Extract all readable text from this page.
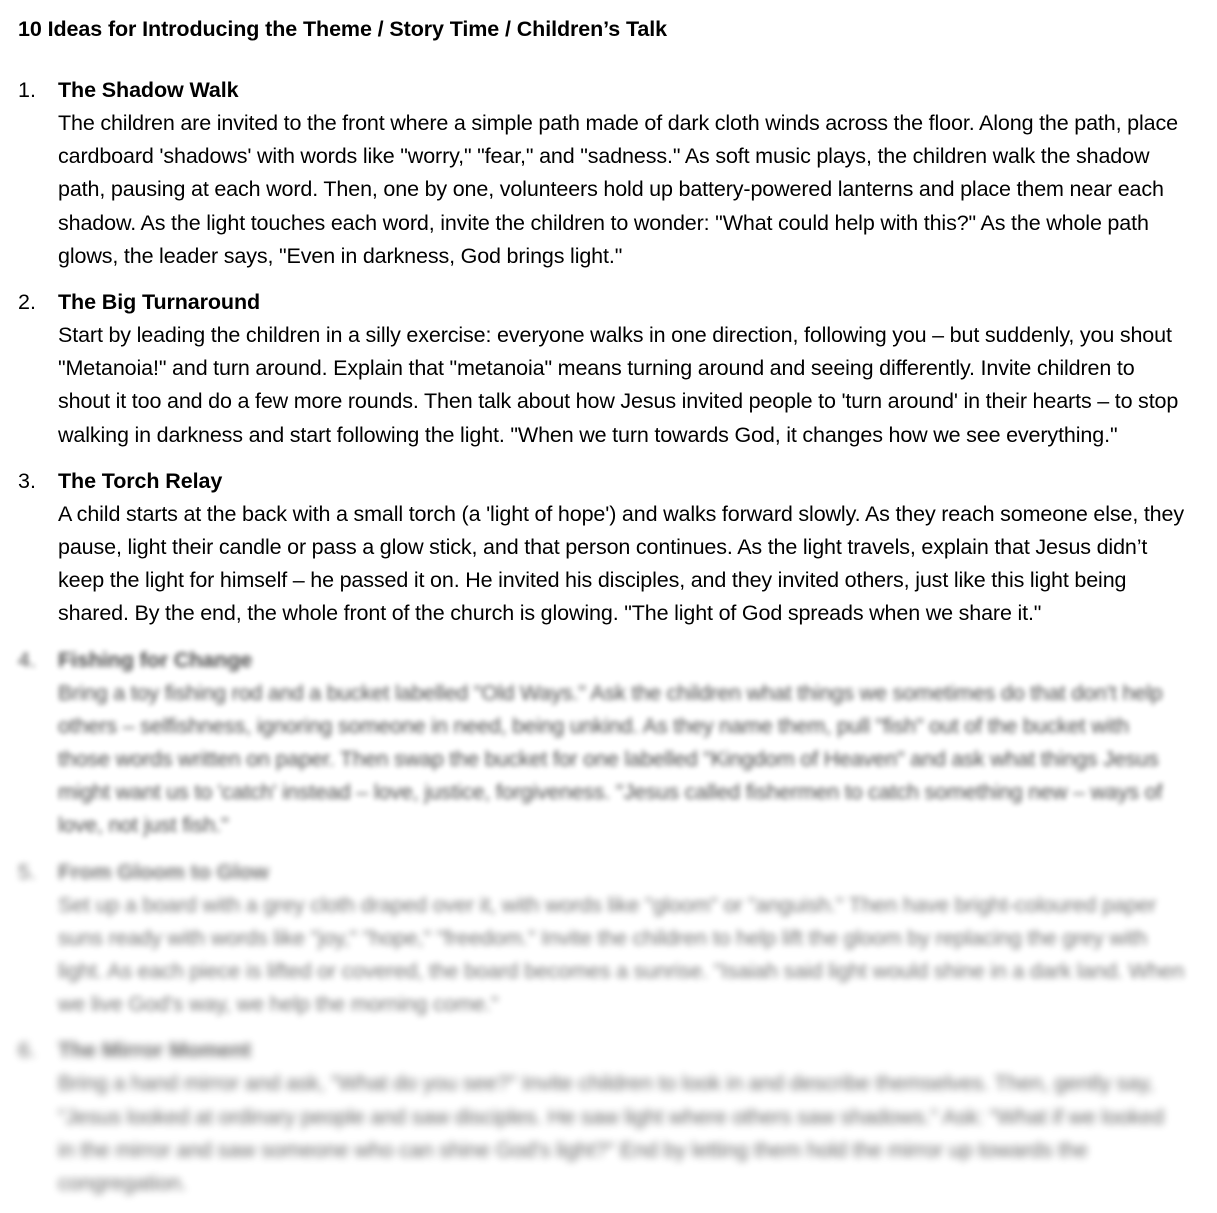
10 Ideas for Introducing the Theme / Story Time / Children’s Talk
1.	The Shadow Walk
The children are invited to the front where a simple path made of dark cloth winds across the floor. Along the path, place cardboard 'shadows' with words like "worry," "fear," and "sadness." As soft music plays, the children walk the shadow path, pausing at each word. Then, one by one, volunteers hold up battery-powered lanterns and place them near each shadow. As the light touches each word, invite the children to wonder: "What could help with this?" As the whole path glows, the leader says, "Even in darkness, God brings light."
2.	The Big Turnaround
Start by leading the children in a silly exercise: everyone walks in one direction, following you – but suddenly, you shout "Metanoia!" and turn around. Explain that "metanoia" means turning around and seeing differently. Invite children to shout it too and do a few more rounds. Then talk about how Jesus invited people to 'turn around' in their hearts – to stop walking in darkness and start following the light. "When we turn towards God, it changes how we see everything."
3.	The Torch Relay
A child starts at the back with a small torch (a 'light of hope') and walks forward slowly. As they reach someone else, they pause, light their candle or pass a glow stick, and that person continues. As the light travels, explain that Jesus didn’t keep the light for himself – he passed it on. He invited his disciples, and they invited others, just like this light being shared. By the end, the whole front of the church is glowing. "The light of God spreads when we share it."
4.	Fishing for Change
Bring a toy fishing rod and a bucket labelled "Old Ways." Ask the children what things we sometimes do that don't help others – selfishness, ignoring someone in need, being unkind. As they name them, pull "fish" out of the bucket with those words written on paper. Then swap the bucket for one labelled "Kingdom of Heaven" and ask what things Jesus might want us to 'catch' instead – love, justice, forgiveness. "Jesus called fishermen to catch something new – ways of love, not just fish."
5.	From Gloom to Glow
Set up a board with a grey cloth draped over it, with words like "gloom" or "anguish." Then have bright-coloured paper suns ready with words like "joy," "hope," "freedom." Invite the children to help lift the gloom by replacing the grey with light. As each piece is lifted or covered, the board becomes a sunrise. "Isaiah said light would shine in a dark land. When we live God's way, we help the morning come."
6.	The Mirror Moment
Bring a hand mirror and ask, "What do you see?" Invite children to look in and describe themselves. Then, gently say, "Jesus looked at ordinary people and saw disciples. He saw light where others saw shadows." Ask: "What if we looked in the mirror and saw someone who can shine God's light?" End by letting them hold the mirror up towards the congregation.
